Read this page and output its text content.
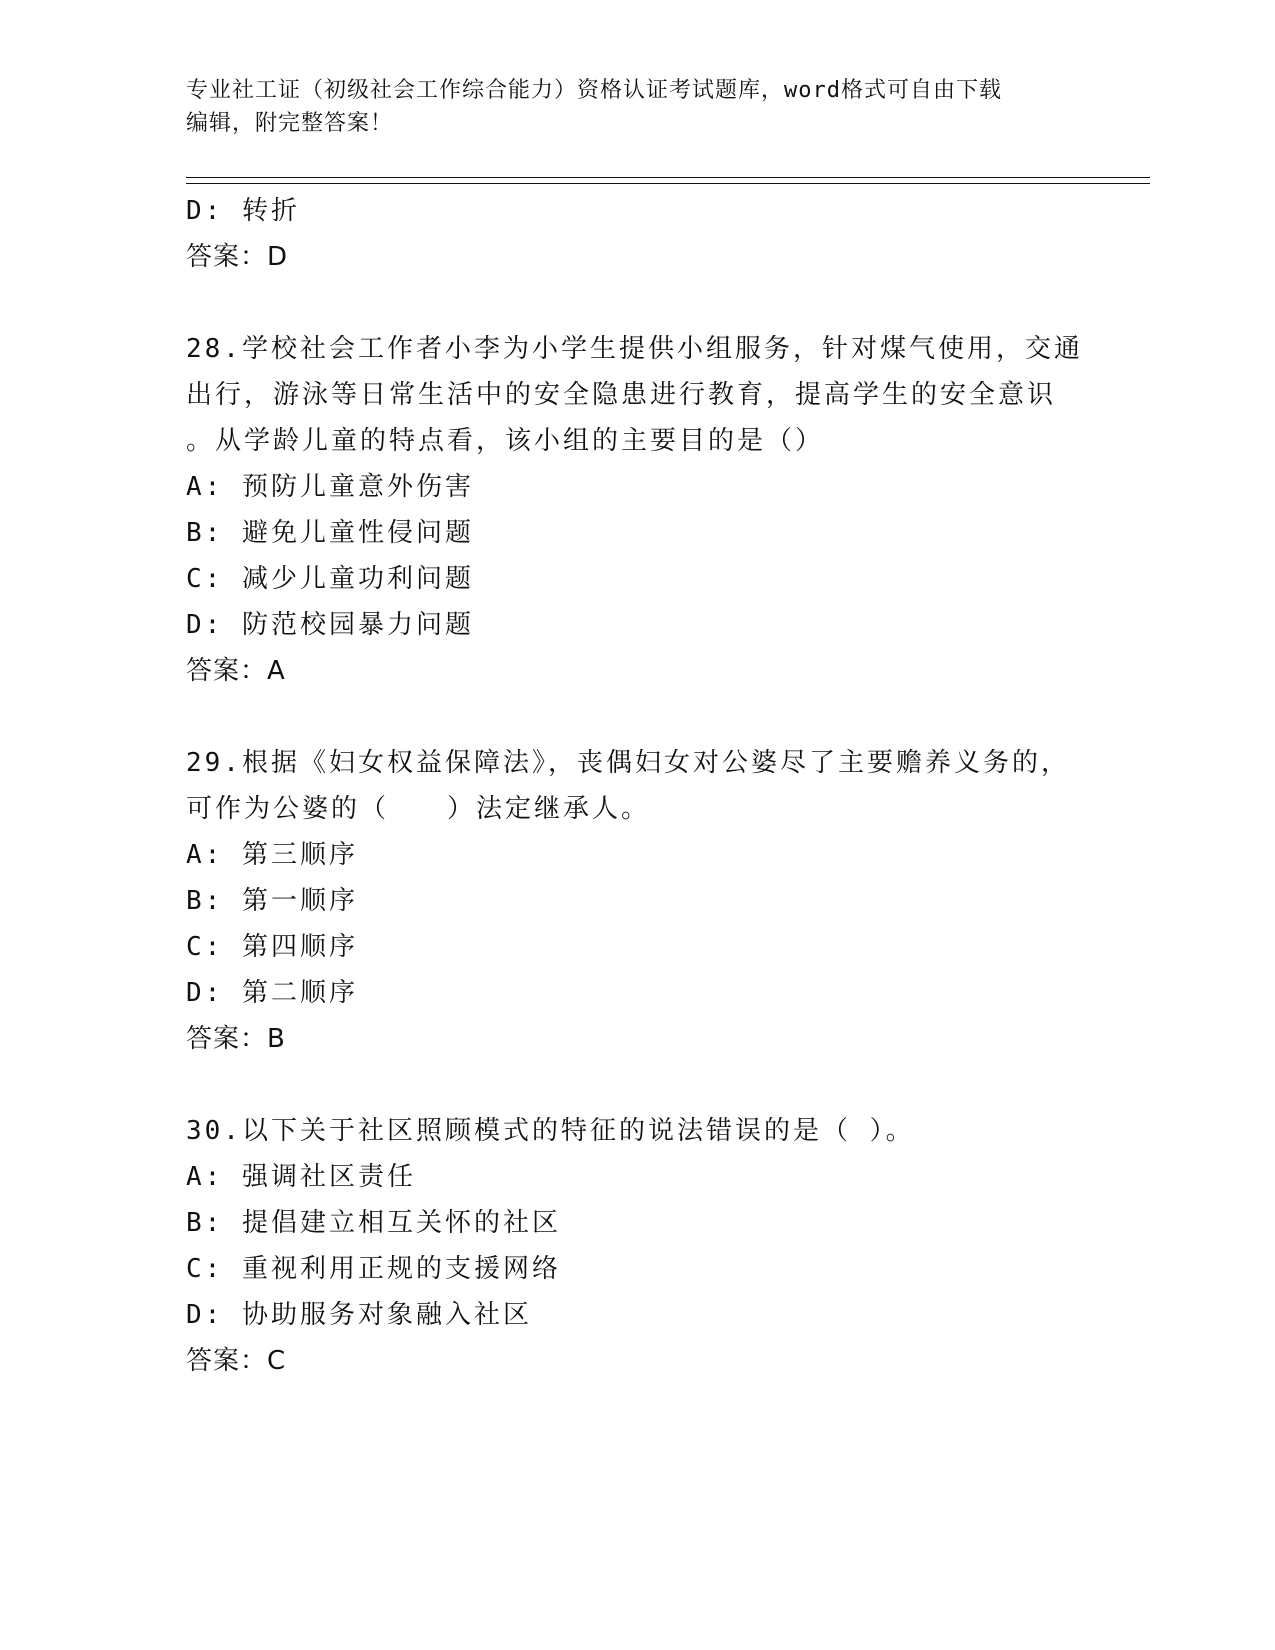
专业社工证（初级社会工作综合能力）资格认证考试题库，word格式可自由下载
编辑，附完整答案！
D: 转折
答案：D
28.学校社会工作者小李为小学生提供小组服务，针对煤气使用，交通
出行，游泳等日常生活中的安全隐患进行教育，提高学生的安全意识
。从学龄儿童的特点看，该小组的主要目的是（）
A: 预防儿童意外伤害
B: 避免儿童性侵问题
C: 减少儿童功利问题
D: 防范校园暴力问题
答案：A
29.根据《妇女权益保障法》，丧偶妇女对公婆尽了主要赡养义务的，
可作为公婆的（　　）法定继承人。
A: 第三顺序
B: 第一顺序
C: 第四顺序
D: 第二顺序
答案：B
30.以下关于社区照顾模式的特征的说法错误的是（ ）。
A: 强调社区责任
B: 提倡建立相互关怀的社区
C: 重视利用正规的支援网络
D: 协助服务对象融入社区
答案：C
